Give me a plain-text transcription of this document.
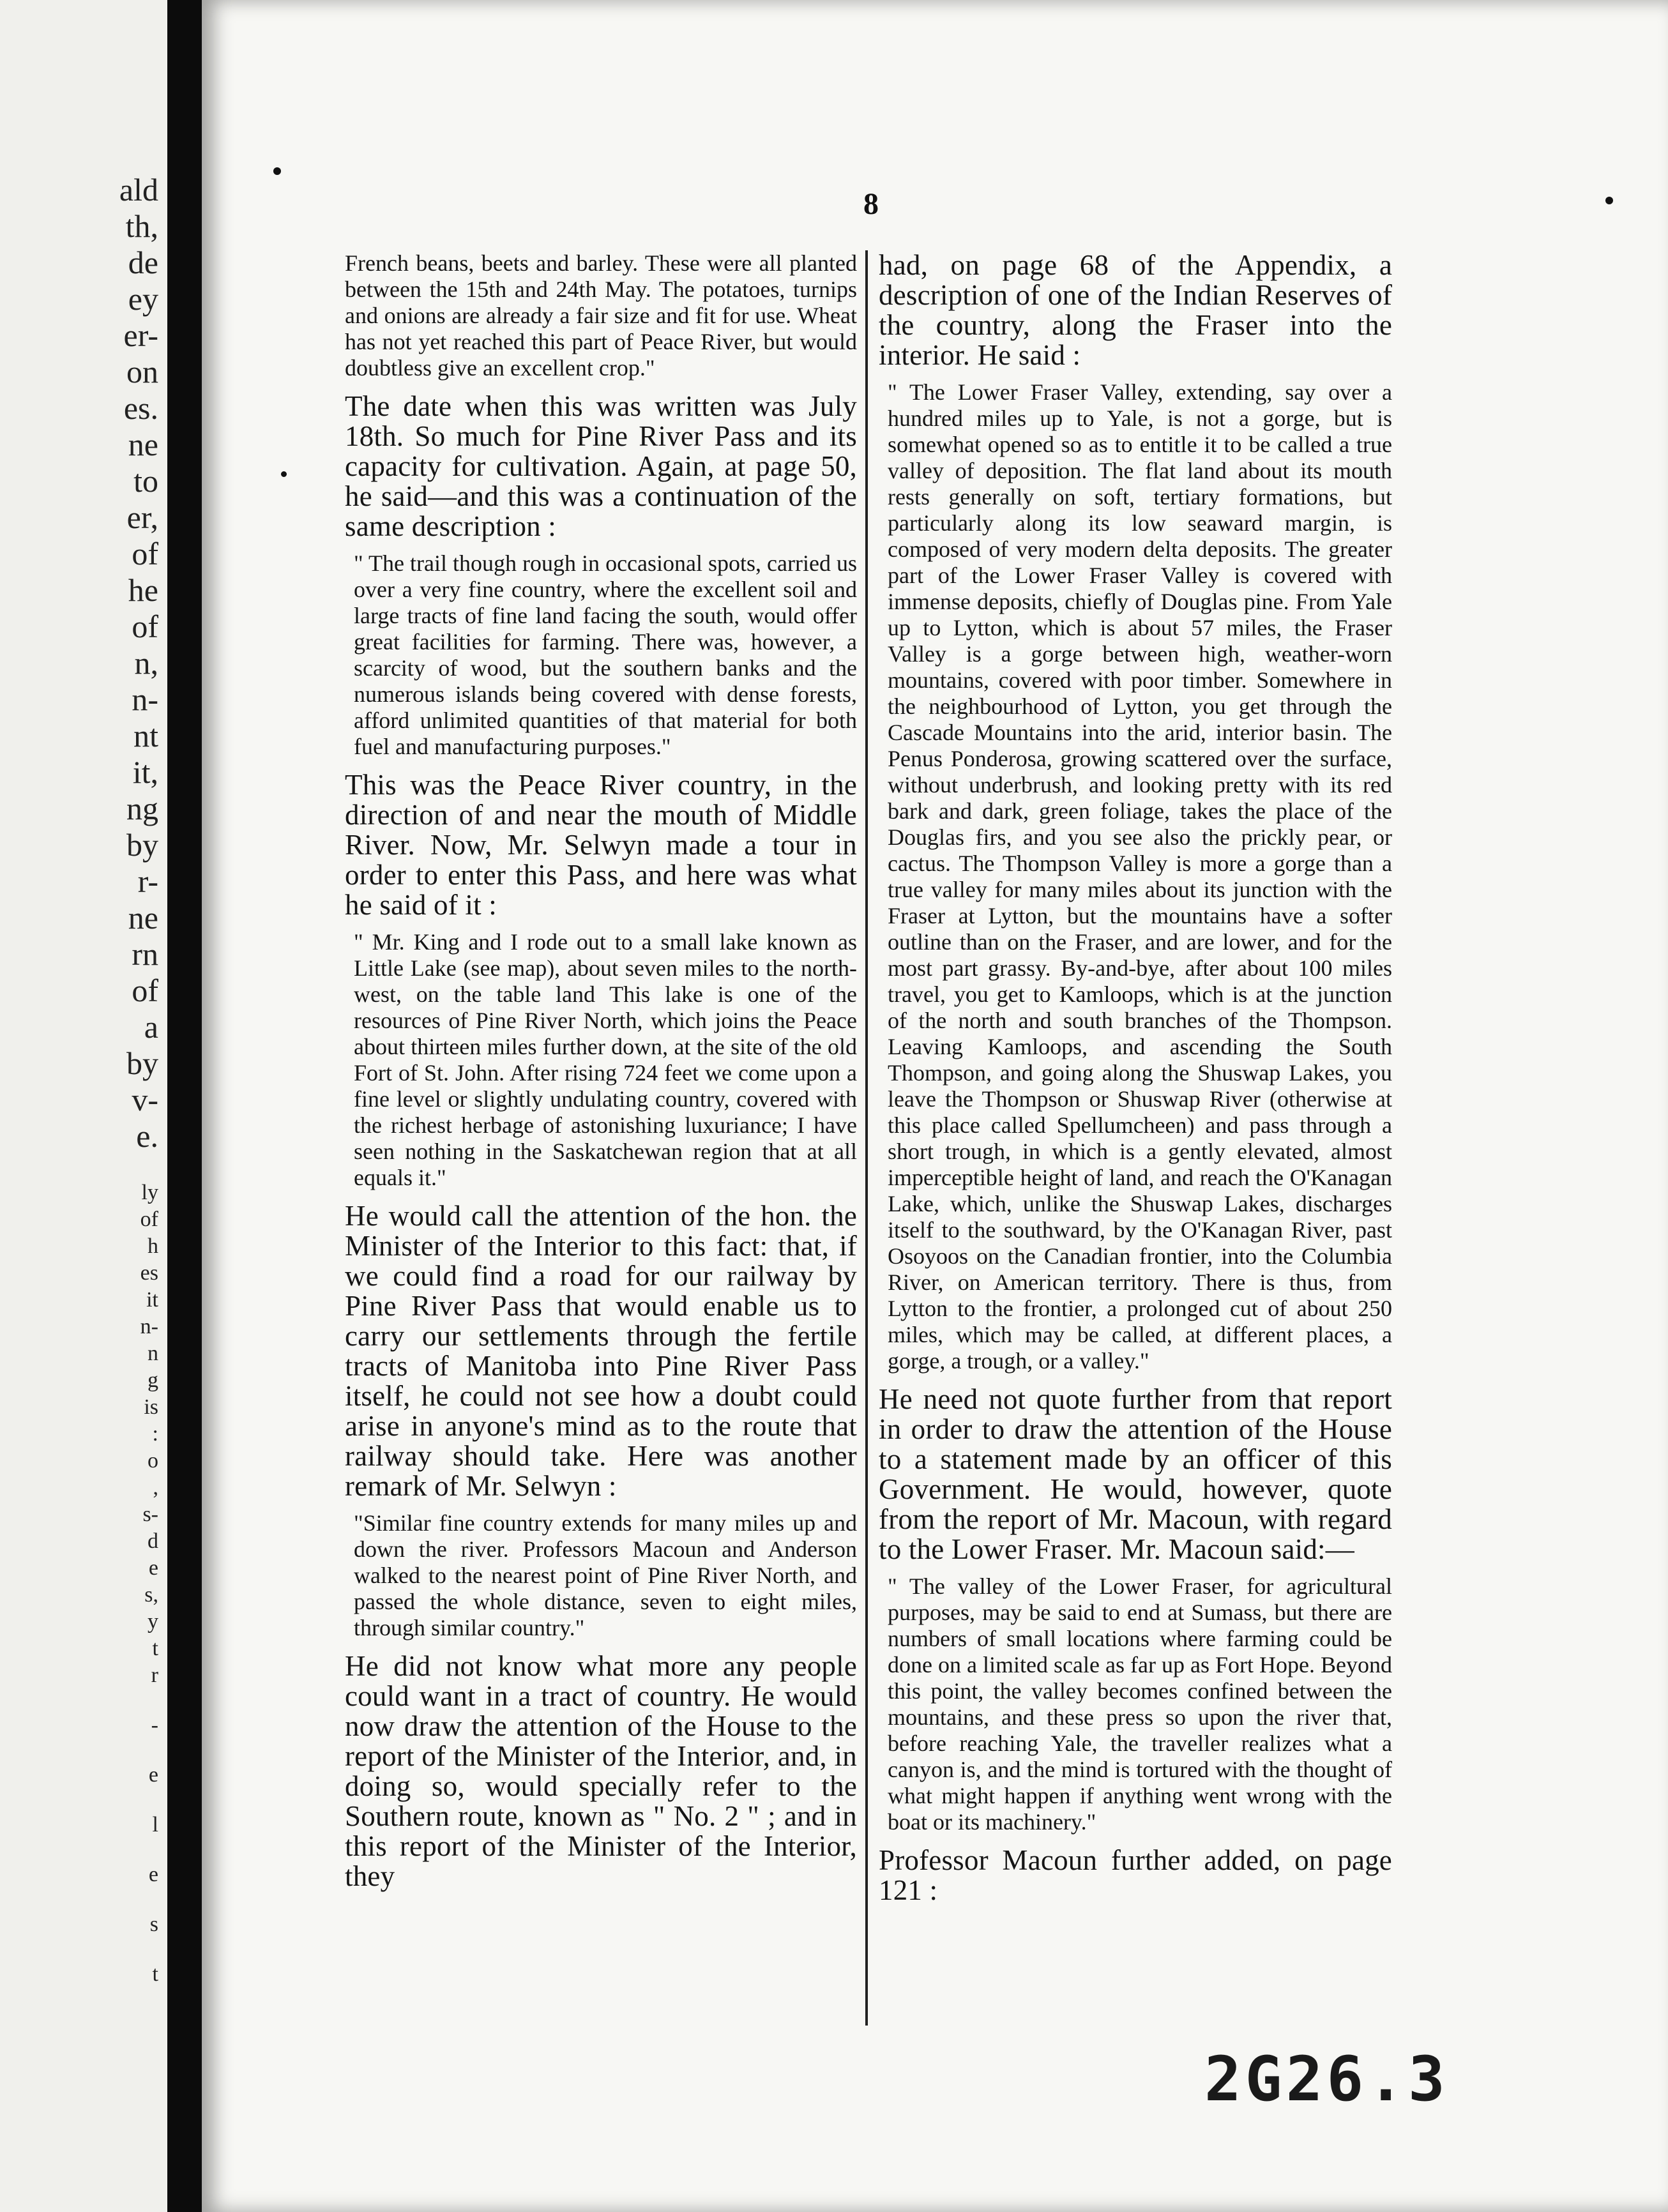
ald
th,
de
ey
er-
on
es.
ne
to
er,
of
he
of
n,
n-
nt
it,
ng
by
r-
ne
rn
of
a
by
v-
e.
ly
of
h
es
it
n-
n
g
is
:
o
,
s-
d
e
s,
y
t
r
-
e
l
e
s
t
8

French beans, beets and barley. These were all planted between the 15th and 24th May. The potatoes, turnips and onions are already a fair size and fit for use. Wheat has not yet reached this part of Peace River, but would doubtless give an excellent crop."

The date when this was written was July 18th. So much for Pine River Pass and its capacity for cultivation. Again, at page 50, he said—and this was a continuation of the same description :

" The trail though rough in occasional spots, carried us over a very fine country, where the excellent soil and large tracts of fine land facing the south, would offer great facilities for farming. There was, however, a scarcity of wood, but the southern banks and the numerous islands being covered with dense forests, afford unlimited quantities of that material for both fuel and manufacturing purposes."

This was the Peace River country, in the direction of and near the mouth of Middle River. Now, Mr. Selwyn made a tour in order to enter this Pass, and here was what he said of it :

" Mr. King and I rode out to a small lake known as Little Lake (see map), about seven miles to the north-west, on the table land This lake is one of the resources of Pine River North, which joins the Peace about thirteen miles further down, at the site of the old Fort of St. John. After rising 724 feet we come upon a fine level or slightly undulating country, covered with the richest herbage of astonishing luxuriance; I have seen nothing in the Saskatchewan region that at all equals it."

He would call the attention of the hon. the Minister of the Interior to this fact: that, if we could find a road for our railway by Pine River Pass that would enable us to carry our settlements through the fertile tracts of Manitoba into Pine River Pass itself, he could not see how a doubt could arise in anyone's mind as to the route that railway should take. Here was another remark of Mr. Selwyn :

"Similar fine country extends for many miles up and down the river. Professors Macoun and Anderson walked to the nearest point of Pine River North, and passed the whole distance, seven to eight miles, through similar country."

He did not know what more any people could want in a tract of country. He would now draw the attention of the House to the report of the Minister of the Interior, and, in doing so, would specially refer to the Southern route, known as " No. 2 " ; and in this report of the Minister of the Interior, they

had, on page 68 of the Appendix, a description of one of the Indian Reserves of the country, along the Fraser into the interior. He said :

" The Lower Fraser Valley, extending, say over a hundred miles up to Yale, is not a gorge, but is somewhat opened so as to entitle it to be called a true valley of deposition. The flat land about its mouth rests generally on soft, tertiary formations, but particularly along its low seaward margin, is composed of very modern delta deposits. The greater part of the Lower Fraser Valley is covered with immense deposits, chiefly of Douglas pine. From Yale up to Lytton, which is about 57 miles, the Fraser Valley is a gorge between high, weather-worn mountains, covered with poor timber. Somewhere in the neighbourhood of Lytton, you get through the Cascade Mountains into the arid, interior basin. The Penus Ponderosa, growing scattered over the surface, without underbrush, and looking pretty with its red bark and dark, green foliage, takes the place of the Douglas firs, and you see also the prickly pear, or cactus. The Thompson Valley is more a gorge than a true valley for many miles about its junction with the Fraser at Lytton, but the mountains have a softer outline than on the Fraser, and are lower, and for the most part grassy. By-and-bye, after about 100 miles travel, you get to Kamloops, which is at the junction of the north and south branches of the Thompson. Leaving Kamloops, and ascending the South Thompson, and going along the Shuswap Lakes, you leave the Thompson or Shuswap River (otherwise at this place called Spellumcheen) and pass through a short trough, in which is a gently elevated, almost imperceptible height of land, and reach the O'Kanagan Lake, which, unlike the Shuswap Lakes, discharges itself to the southward, by the O'Kanagan River, past Osoyoos on the Canadian frontier, into the Columbia River, on American territory. There is thus, from Lytton to the frontier, a prolonged cut of about 250 miles, which may be called, at different places, a gorge, a trough, or a valley."

He need not quote further from that report in order to draw the attention of the House to a statement made by an officer of this Government. He would, however, quote from the report of Mr. Macoun, with regard to the Lower Fraser. Mr. Macoun said:—

" The valley of the Lower Fraser, for agricultural purposes, may be said to end at Sumass, but there are numbers of small locations where farming could be done on a limited scale as far up as Fort Hope. Beyond this point, the valley becomes confined between the mountains, and these press so upon the river that, before reaching Yale, the traveller realizes what a canyon is, and the mind is tortured with the thought of what might happen if anything went wrong with the boat or its machinery."

Professor Macoun further added, on page 121 :

2G26.3
